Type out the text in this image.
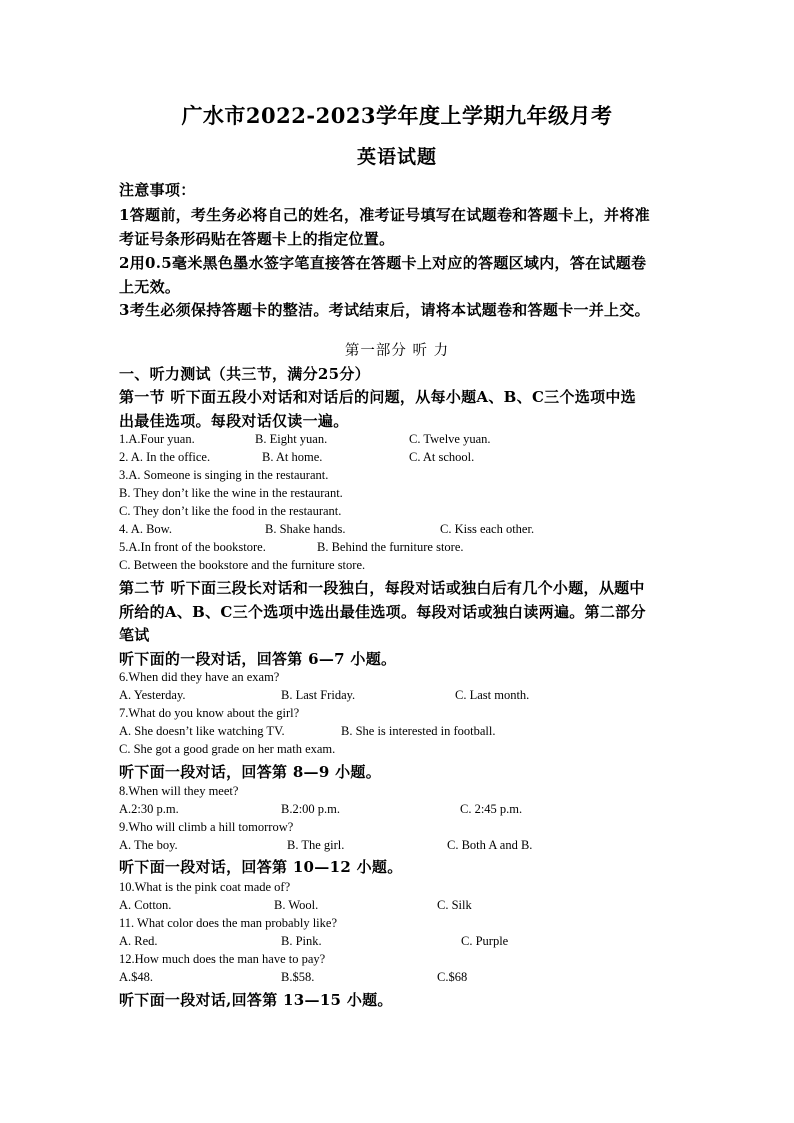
广水市2022-2023学年度上学期九年级月考
英语试题
注意事项：
1答题前，考生务必将自己的姓名，准考证号填写在试题卷和答题卡上，并将准
考证号条形码贴在答题卡上的指定位置。
2用0.5毫米黑色墨水签字笔直接答在答题卡上对应的答题区域内，答在试题卷
上无效。
3考生必须保持答题卡的整洁。考试结束后，请将本试题卷和答题卡一并上交。
第一部分 听 力
一、听力测试（共三节，满分25分）
第一节 听下面五段小对话和对话后的问题，从每小题A、B、C三个选项中选
出最佳选项。每段对话仅读一遍。
1.A.Four yuan.	B. Eight yuan.	C. Twelve yuan.
2. A. In the office.	B. At home.	C. At school.
3.A. Someone is singing in the restaurant.
B. They don’t like the wine in the restaurant.
C. They don’t like the food in the restaurant.
4. A. Bow.	B. Shake hands.	C. Kiss each other.
5.A.In front of the bookstore.	B. Behind the furniture store.
C. Between the bookstore and the furniture store.
第二节 听下面三段长对话和一段独白，每段对话或独白后有几个小题，从题中
所给的A、B、C三个选项中选出最佳选项。每段对话或独白读两遍。第二部分
笔试
听下面的一段对话，回答第 6—7 小题。
6.When did they have an exam?
A. Yesterday.	B. Last Friday.	C. Last month.
7.What do you know about the girl?
A. She doesn’t like watching TV.	B. She is interested in football.
C. She got a good grade on her math exam.
听下面一段对话，回答第 8—9 小题。
8.When will they meet?
A.2:30 p.m.	B.2:00 p.m.	C. 2:45 p.m.
9.Who will climb a hill tomorrow?
A. The boy.	B. The girl.	C. Both A and B.
听下面一段对话，回答第 10—12 小题。
10.What is the pink coat made of?
A. Cotton.	B. Wool.	C. Silk
11. What color does the man probably like?
A. Red.	B. Pink.	C. Purple
12.How much does the man have to pay?
A.$48.	B.$58.	C.$68
听下面一段对话,回答第 13—15 小题。
